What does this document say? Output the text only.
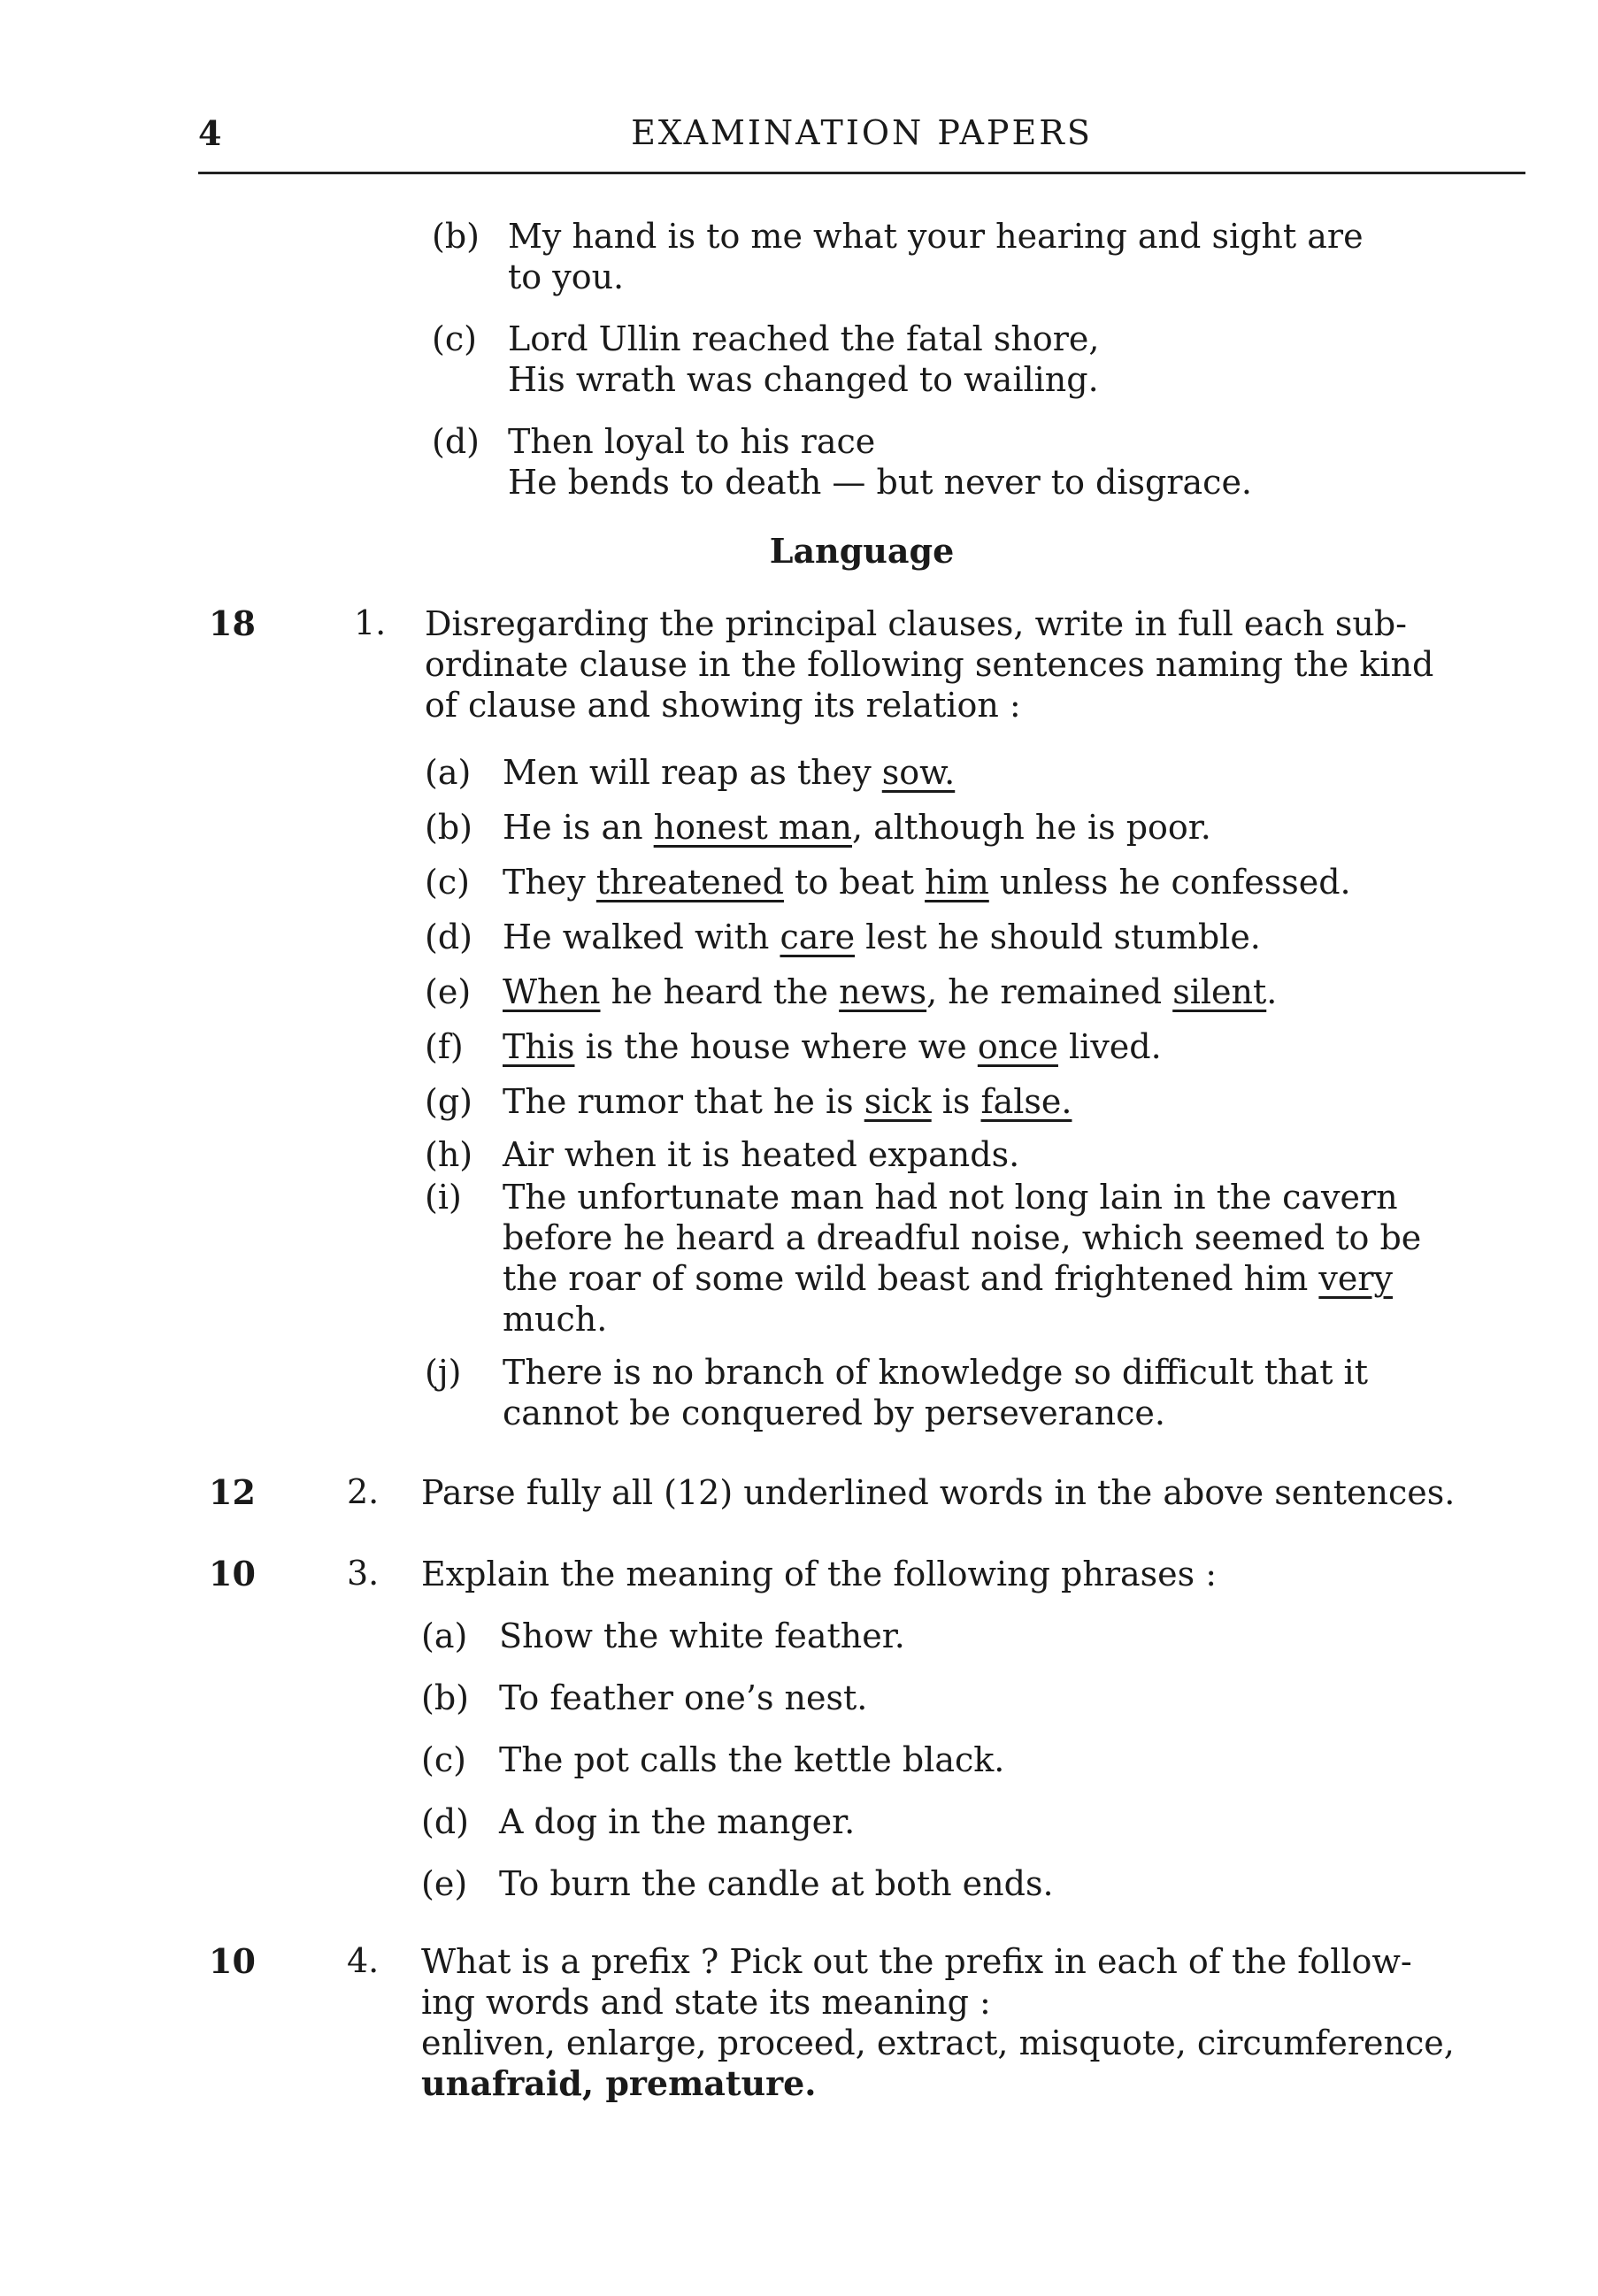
4	EXAMINATION PAPERS
(b) My hand is to me what your hearing and sight are
to you.
(c) Lord Ullin reached the fatal shore,
His wrath was changed to wailing.
(d) Then loyal to his race
He bends to death — but never to disgrace.
Language
18	1. Disregarding the principal clauses, write in full each sub-
ordinate clause in the following sentences naming the kind
of clause and showing its relation :
(a) Men will reap as they sow.
(b) He is an honest man, although he is poor.
(c) They threatened to beat him unless he confessed.
(d) He walked with care lest he should stumble.
(e) When he heard the news, he remained silent.
(f) This is the house where we once lived.
(g) The rumor that he is sick is false.
(h) Air when it is heated expands.
(i) The unfortunate man had not long lain in the cavern
before he heard a dreadful noise, which seemed to be
the roar of some wild beast and frightened him very
much.
(j) There is no branch of knowledge so difficult that it
cannot be conquered by perseverance.
12	2. Parse fully all (12) underlined words in the above sentences.
10	3. Explain the meaning of the following phrases :
(a) Show the white feather.
(b) To feather one’s nest.
(c) The pot calls the kettle black.
(d) A dog in the manger.
(e) To burn the candle at both ends.
10	4. What is a prefix ? Pick out the prefix in each of the follow-
ing words and state its meaning :
enliven, enlarge, proceed, extract, misquote, circumference,
unafraid, premature.
